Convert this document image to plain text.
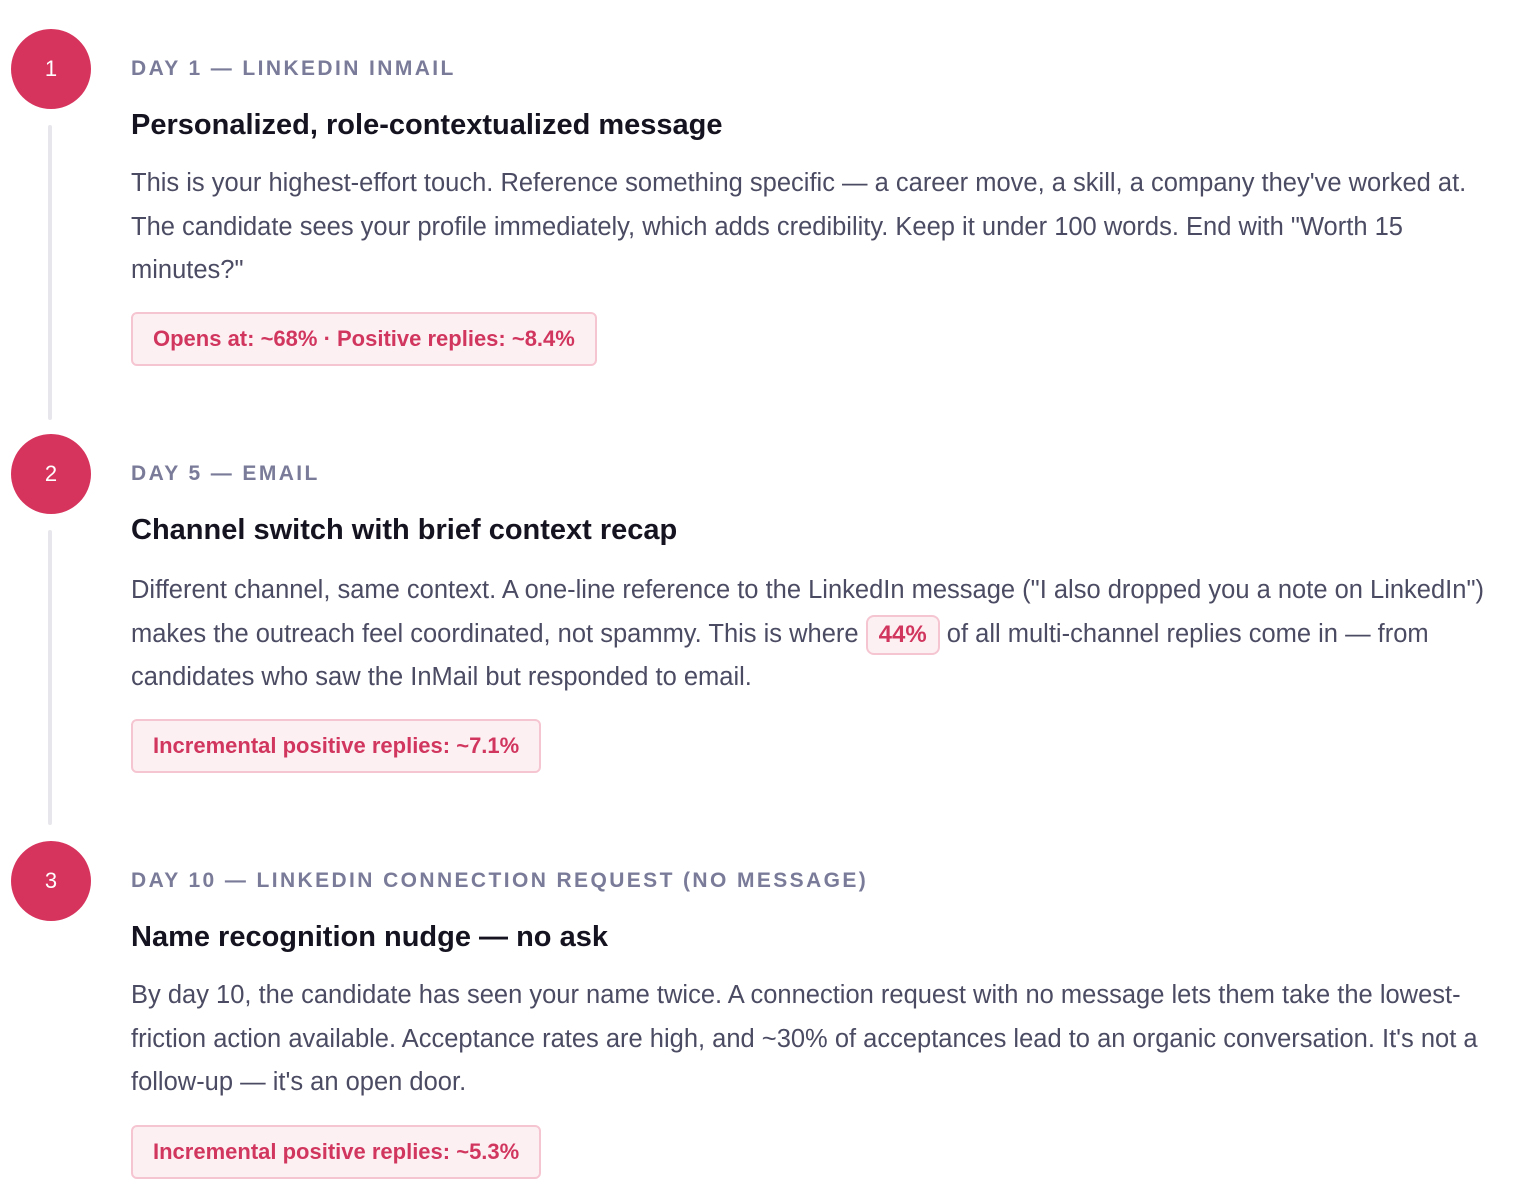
1	DAY 1 — LINKEDIN INMAIL

Personalized, role-contextualized message

This is your highest-effort touch. Reference something specific — a career move, a skill, a company they've worked at. The candidate sees your profile immediately, which adds credibility. Keep it under 100 words. End with "Worth 15 minutes?"

Opens at: ~68% · Positive replies: ~8.4%
2	DAY 5 — EMAIL

Channel switch with brief context recap

Different channel, same context. A one-line reference to the LinkedIn message ("I also dropped you a note on LinkedIn") makes the outreach feel coordinated, not spammy. This is where 44% of all multi-channel replies come in — from candidates who saw the InMail but responded to email.

Incremental positive replies: ~7.1%
3	DAY 10 — LINKEDIN CONNECTION REQUEST (NO MESSAGE)

Name recognition nudge — no ask

By day 10, the candidate has seen your name twice. A connection request with no message lets them take the lowest-friction action available. Acceptance rates are high, and ~30% of acceptances lead to an organic conversation. It's not a follow-up — it's an open door.

Incremental positive replies: ~5.3%
